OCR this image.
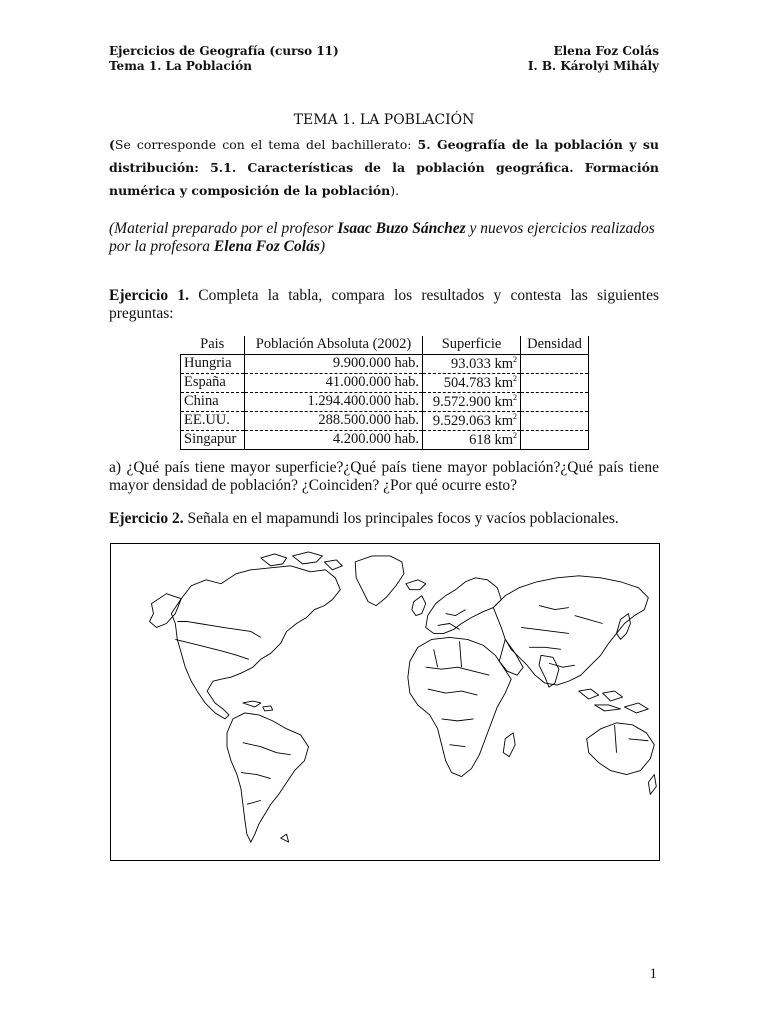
Ejercicios de Geografía (curso 11)
Tema 1. La Población
Elena Foz Colás
I. B. Károlyi Mihály
TEMA 1. LA POBLACIÓN
(Se corresponde con el tema del bachillerato: 5. Geografía de la población y su distribución: 5.1. Características de la población geográfica. Formación numérica y composición de la población).
(Material preparado por el profesor Isaac Buzo Sánchez y nuevos ejercicios realizados por la profesora Elena Foz Colás)
Ejercicio 1. Completa la tabla, compara los resultados y contesta las siguientes preguntas:
Pais	Población Absoluta (2002)	Superficie	Densidad
Hungria	9.900.000 hab.	93.033 $km^2$	
España	41.000.000 hab.	504.783 $km^2$	
China	1.294.400.000 hab.	9.572.900 $km^2$	
EE.UU.	288.500.000 hab.	9.529.063 $km^2$	
Singapur	4.200.000 hab.	618 $km^2$	
a) ¿Qué país tiene mayor superficie?¿Qué país tiene mayor población?¿Qué país tiene mayor densidad de población? ¿Coinciden? ¿Por qué ocurre esto?
Ejercicio 2. Señala en el mapamundi los principales focos y vacíos poblacionales.
1
